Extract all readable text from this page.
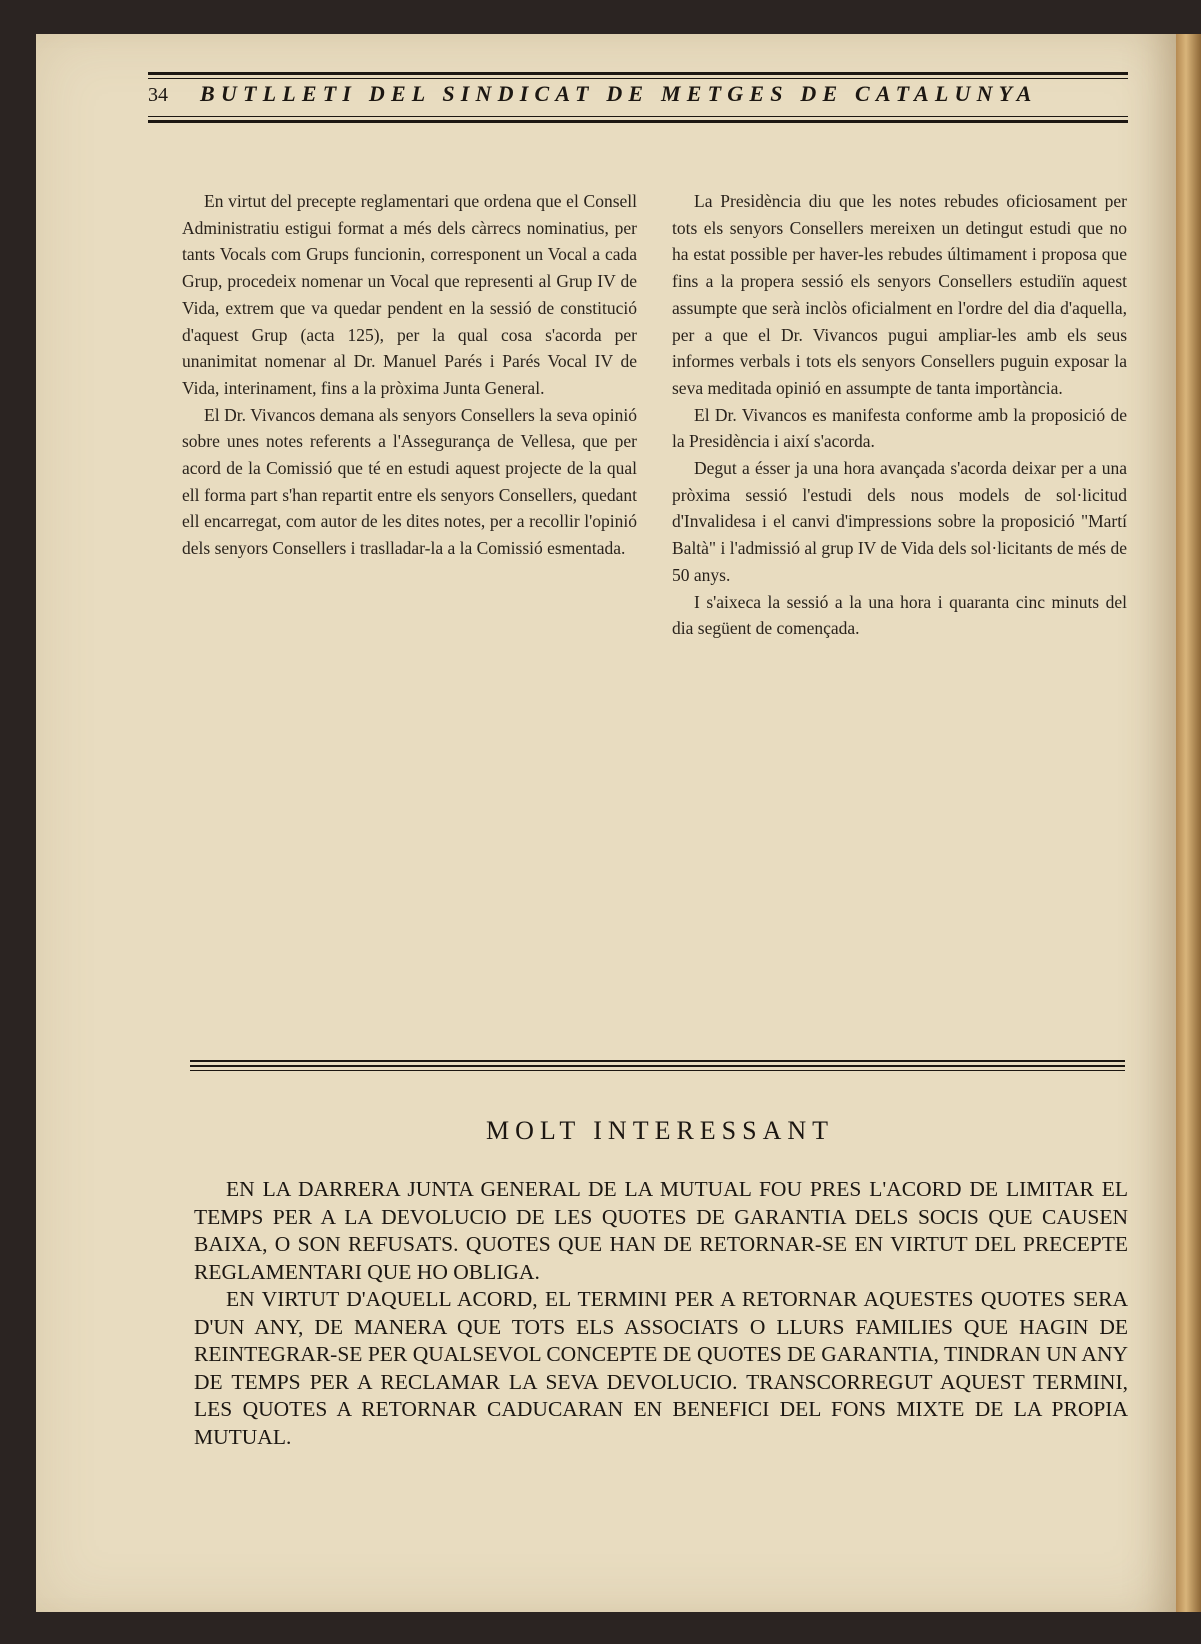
34	BUTLLETI DEL SINDICAT DE METGES DE CATALUNYA

En virtut del precepte reglamentari que ordena que el Consell Administratiu estigui format a més dels càrrecs nominatius, per tants Vocals com Grups funcionin, corresponent un Vocal a cada Grup, procedeix nomenar un Vocal que representi al Grup IV de Vida, extrem que va quedar pendent en la sessió de constitució d'aquest Grup (acta 125), per la qual cosa s'acorda per unanimitat nomenar al Dr. Manuel Parés i Parés Vocal IV de Vida, interinament, fins a la pròxima Junta General.

El Dr. Vivancos demana als senyors Consellers la seva opinió sobre unes notes referents a l'Assegurança de Vellesa, que per acord de la Comissió que té en estudi aquest projecte de la qual ell forma part s'han repartit entre els senyors Consellers, quedant ell encarregat, com autor de les dites notes, per a recollir l'opinió dels senyors Consellers i traslladar-la a la Comissió esmentada.

La Presidència diu que les notes rebudes oficiosament per tots els senyors Consellers mereixen un detingut estudi que no ha estat possible per haver-les rebudes últimament i proposa que fins a la propera sessió els senyors Consellers estudiïn aquest assumpte que serà inclòs oficialment en l'ordre del dia d'aquella, per a que el Dr. Vivancos pugui ampliar-les amb els seus informes verbals i tots els senyors Consellers puguin exposar la seva meditada opinió en assumpte de tanta importància.

El Dr. Vivancos es manifesta conforme amb la proposició de la Presidència i així s'acorda.

Degut a ésser ja una hora avançada s'acorda deixar per a una pròxima sessió l'estudi dels nous models de sol·licitud d'Invalidesa i el canvi d'impressions sobre la proposició "Martí Baltà" i l'admissió al grup IV de Vida dels sol·licitants de més de 50 anys.

I s'aixeca la sessió a la una hora i quaranta cinc minuts del dia següent de començada.

MOLT INTERESSANT

EN LA DARRERA JUNTA GENERAL DE LA MUTUAL FOU PRES L'ACORD DE LIMITAR EL TEMPS PER A LA DEVOLUCIO DE LES QUOTES DE GARANTIA DELS SOCIS QUE CAUSEN BAIXA, O SON REFUSATS. QUOTES QUE HAN DE RETORNAR-SE EN VIRTUT DEL PRECEPTE REGLAMENTARI QUE HO OBLIGA.

EN VIRTUT D'AQUELL ACORD, EL TERMINI PER A RETORNAR AQUESTES QUOTES SERA D'UN ANY, DE MANERA QUE TOTS ELS ASSOCIATS O LLURS FAMILIES QUE HAGIN DE REINTEGRAR-SE PER QUALSEVOL CONCEPTE DE QUOTES DE GARANTIA, TINDRAN UN ANY DE TEMPS PER A RECLAMAR LA SEVA DEVOLUCIO. TRANSCORREGUT AQUEST TERMINI, LES QUOTES A RETORNAR CADUCARAN EN BENEFICI DEL FONS MIXTE DE LA PROPIA MUTUAL.
